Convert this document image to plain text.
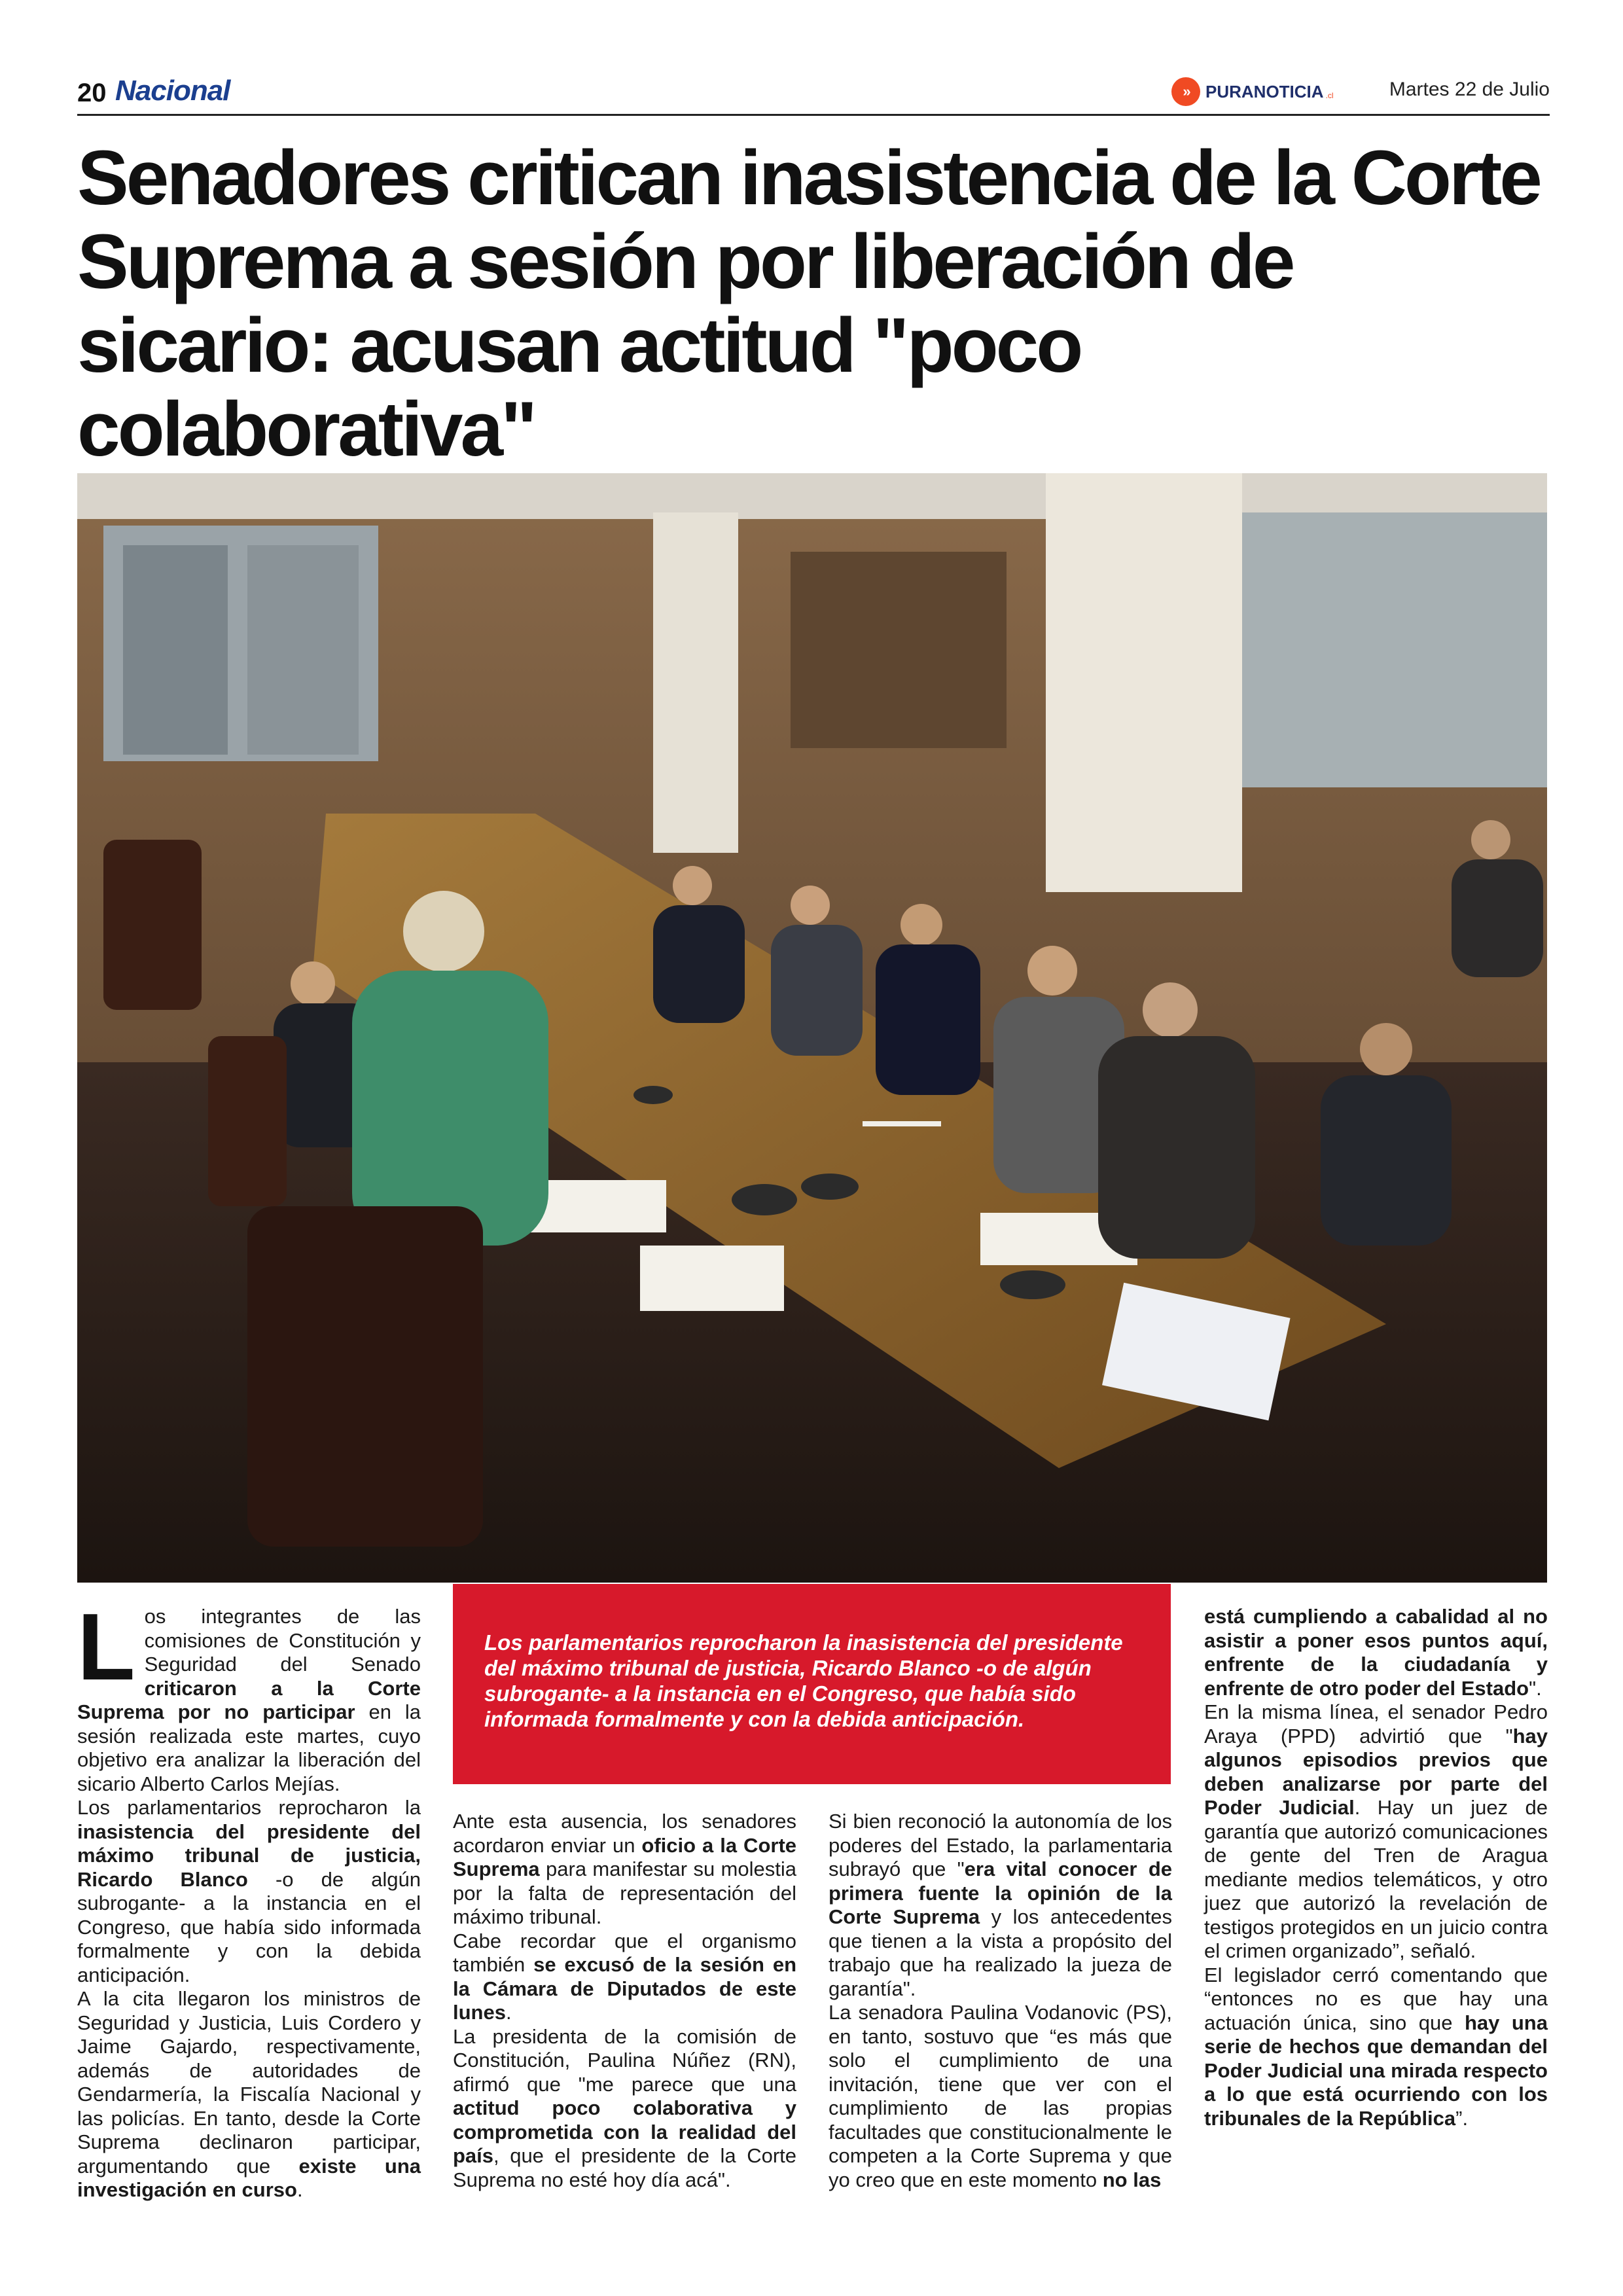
20 Nacional	» PURANOTICIA .cl	Martes 22 de Julio
Senadores critican inasistencia de la Corte Suprema a sesión por liberación de sicario: acusan actitud "poco colaborativa"

Los integrantes de las comisiones de Constitución y Seguridad del Senado criticaron a la Corte Suprema por no participar en la sesión realizada este martes, cuyo objetivo era analizar la liberación del sicario Alberto Carlos Mejías.

Los parlamentarios reprocharon la inasistencia del presidente del máximo tribunal de justicia, Ricardo Blanco -o de algún subrogante- a la instancia en el Congreso, que había sido informada formalmente y con la debida anticipación.

A la cita llegaron los ministros de Seguridad y Justicia, Luis Cordero y Jaime Gajardo, respectivamente, además de autoridades de Gendarmería, la Fiscalía Nacional y las policías. En tanto, desde la Corte Suprema declinaron participar, argumentando que existe una investigación en curso.

Los parlamentarios reprocharon la inasistencia del presidente del máximo tribunal de justicia, Ricardo Blanco -o de algún subrogante- a la instancia en el Congreso, que había sido informada formalmente y con la debida anticipación.

Ante esta ausencia, los senadores acordaron enviar un oficio a la Corte Suprema para manifestar su molestia por la falta de representación del máximo tribunal.

Cabe recordar que el organismo también se excusó de la sesión en la Cámara de Diputados de este lunes.

La presidenta de la comisión de Constitución, Paulina Núñez (RN), afirmó que "me parece que una actitud poco colaborativa y comprometida con la realidad del país, que el presidente de la Corte Suprema no esté hoy día acá".

Si bien reconoció la autonomía de los poderes del Estado, la parlamentaria subrayó que "era vital conocer de primera fuente la opinión de la Corte Suprema y los antecedentes que tienen a la vista a propósito del trabajo que ha realizado la jueza de garantía".

La senadora Paulina Vodanovic (PS), en tanto, sostuvo que “es más que solo el cumplimiento de una invitación, tiene que ver con el cumplimiento de las propias facultades que constitucionalmente le competen a la Corte Suprema y que yo creo que en este momento no las

está cumpliendo a cabalidad al no asistir a poner esos puntos aquí, enfrente de la ciudadanía y enfrente de otro poder del Estado".

En la misma línea, el senador Pedro Araya (PPD) advirtió que "hay algunos episodios previos que deben analizarse por parte del Poder Judicial. Hay un juez de garantía que autorizó comunicaciones de gente del Tren de Aragua mediante medios telemáticos, y otro juez que autorizó la revelación de testigos protegidos en un juicio contra el crimen organizado”, señaló.

El legislador cerró comentando que “entonces no es que hay una actuación única, sino que hay una serie de hechos que demandan del Poder Judicial una mirada respecto a lo que está ocurriendo con los tribunales de la República”.
